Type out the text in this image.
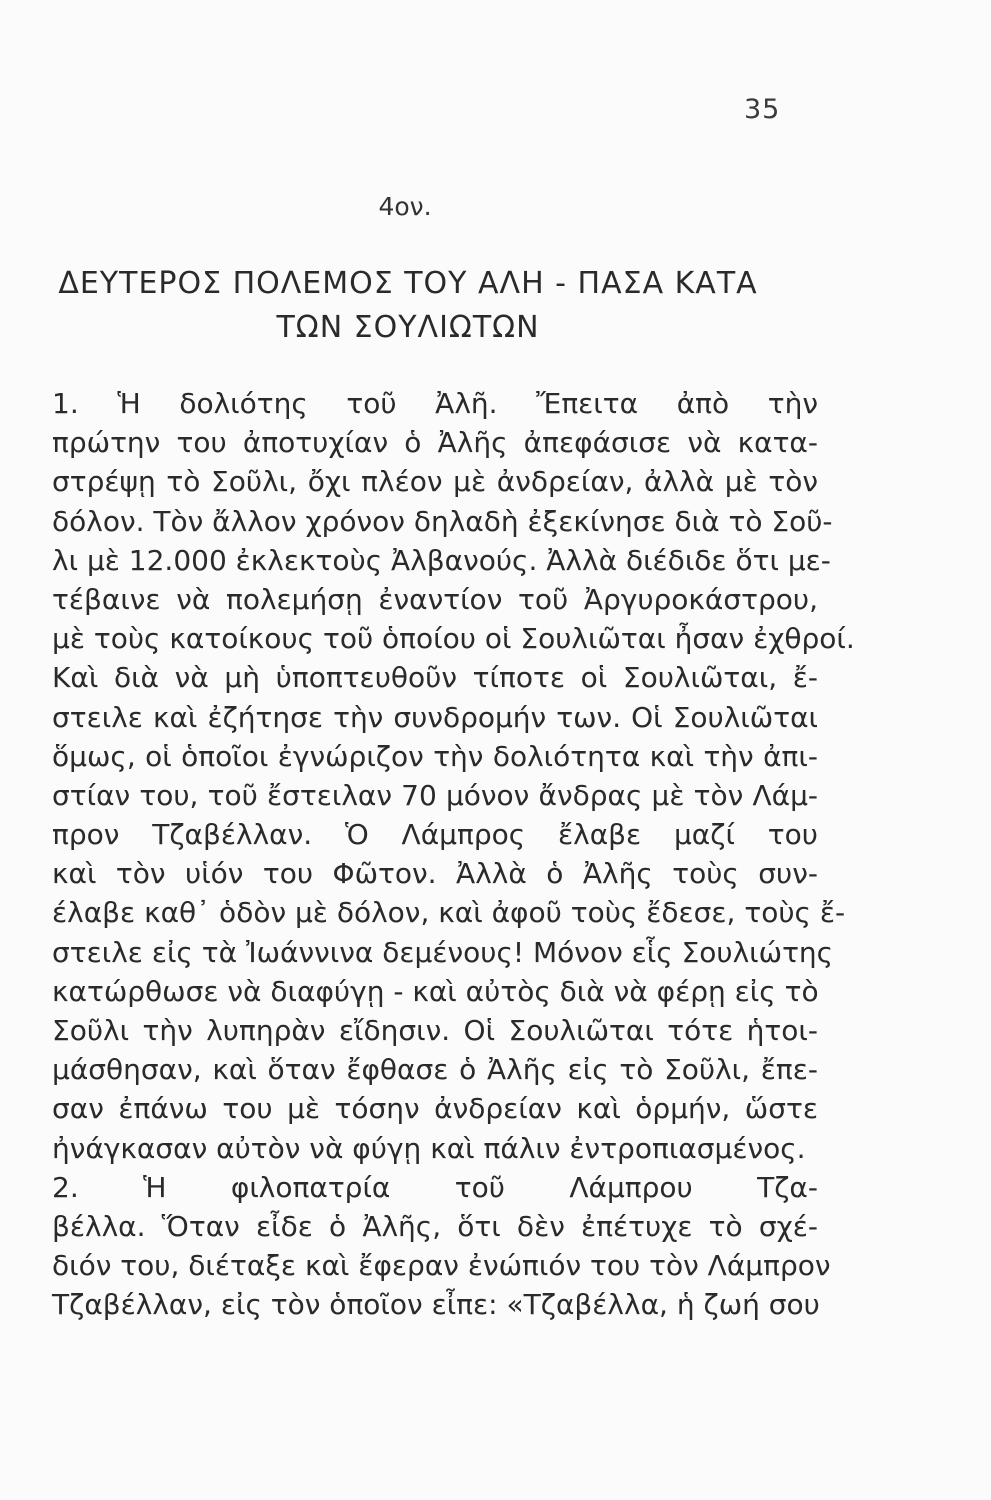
35
4ον.
ΔΕΥΤΕΡΟΣ ΠΟΛΕΜΟΣ ΤΟΥ ΑΛΗ - ΠΑΣΑ ΚΑΤΑ
ΤΩΝ ΣΟΥΛΙΩΤΩΝ
1. Ἡ δολιότης τοῦ Ἀλῆ. Ἔπειτα ἀπὸ τὴν
πρώτην του ἀποτυχίαν ὁ Ἀλῆς ἀπεφάσισε νὰ κατα-
στρέψῃ τὸ Σοῦλι, ὄχι πλέον μὲ ἀνδρείαν, ἀλλὰ μὲ τὸν
δόλον. Τὸν ἄλλον χρόνον δηλαδὴ ἐξεκίνησε διὰ τὸ Σοῦ-
λι μὲ 12.000 ἐκλεκτοὺς Ἀλβανούς. Ἀλλὰ διέδιδε ὅτι με-
τέβαινε νὰ πολεμήσῃ ἐναντίον τοῦ Ἀργυροκάστρου,
μὲ τοὺς κατοίκους τοῦ ὁποίου οἱ Σουλιῶται ἦσαν ἐχθροί.
Καὶ διὰ νὰ μὴ ὑποπτευθοῦν τίποτε οἱ Σουλιῶται, ἔ-
στειλε καὶ ἐζήτησε τὴν συνδρομήν των. Οἱ Σουλιῶται
ὅμως, οἱ ὁποῖοι ἐγνώριζον τὴν δολιότητα καὶ τὴν ἀπι-
στίαν του, τοῦ ἔστειλαν 70 μόνον ἄνδρας μὲ τὸν Λάμ-
προν Τζαβέλλαν. Ὁ Λάμπρος ἔλαβε μαζί του
καὶ τὸν υἱόν του Φῶτον. Ἀλλὰ ὁ Ἀλῆς τοὺς συν-
έλαβε καθ᾽ ὁδὸν μὲ δόλον, καὶ ἀφοῦ τοὺς ἔδεσε, τοὺς ἔ-
στειλε εἰς τὰ Ἰωάννινα δεμένους! Μόνον εἷς Σουλιώτης
κατώρθωσε νὰ διαφύγῃ - καὶ αὐτὸς διὰ νὰ φέρῃ εἰς τὸ
Σοῦλι τὴν λυπηρὰν εἴδησιν. Οἱ Σουλιῶται τότε ἡτοι-
μάσθησαν, καὶ ὅταν ἔφθασε ὁ Ἀλῆς εἰς τὸ Σοῦλι, ἔπε-
σαν ἐπάνω του μὲ τόσην ἀνδρείαν καὶ ὁρμήν, ὥστε
ἠνάγκασαν αὐτὸν νὰ φύγῃ καὶ πάλιν ἐντροπιασμένος.
2. Ἡ φιλοπατρία τοῦ Λάμπρου Τζα-
βέλλα. Ὅταν εἶδε ὁ Ἀλῆς, ὅτι δὲν ἐπέτυχε τὸ σχέ-
διόν του, διέταξε καὶ ἔφεραν ἐνώπιόν του τὸν Λάμπρον
Τζαβέλλαν, εἰς τὸν ὁποῖον εἶπε: «Τζαβέλλα, ἡ ζωή σου
